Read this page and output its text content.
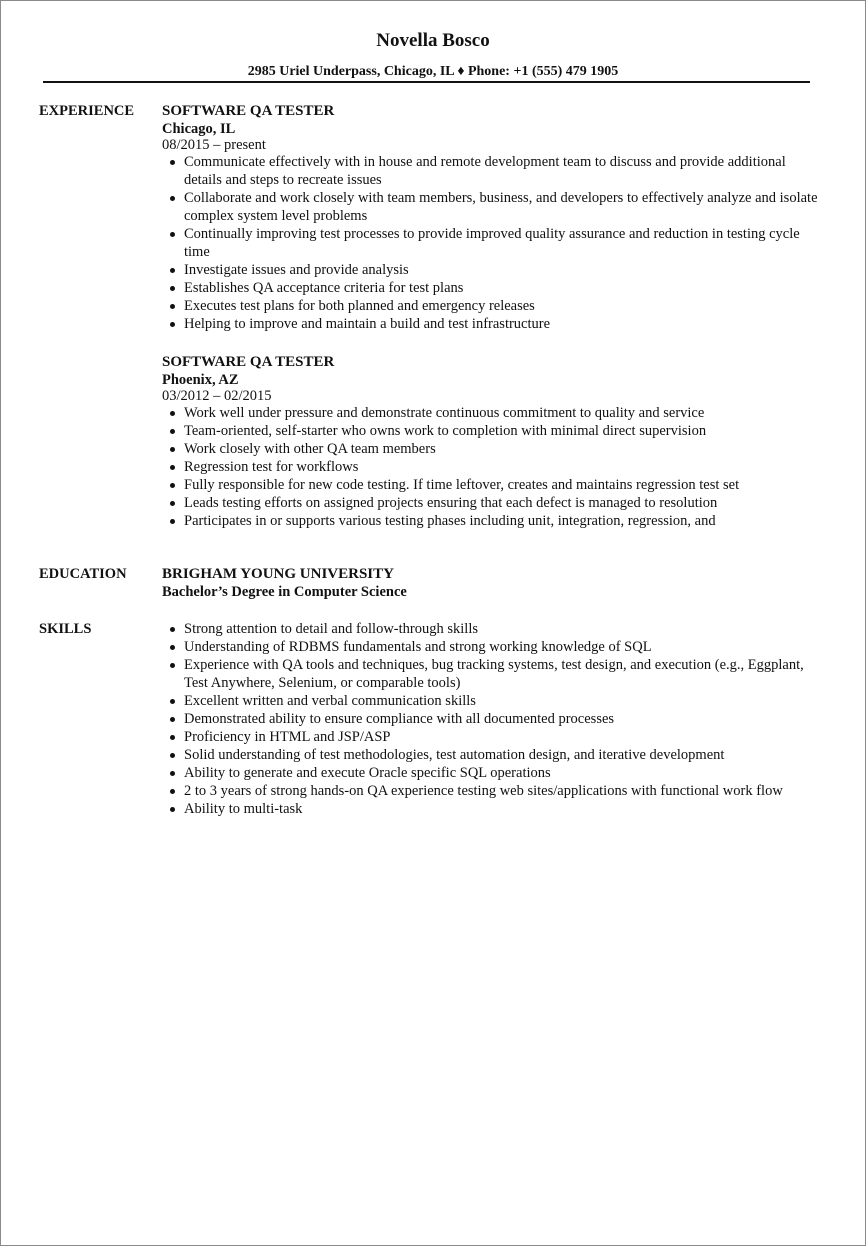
Novella Bosco
2985 Uriel Underpass, Chicago, IL ♦ Phone: +1 (555) 479 1905
EXPERIENCE SOFTWARE QA TESTER
Chicago, IL
08/2015 – present
Communicate effectively with in house and remote development team to discuss and provide additional details and steps to recreate issues
Collaborate and work closely with team members, business, and developers to effectively analyze and isolate complex system level problems
Continually improving test processes to provide improved quality assurance and reduction in testing cycle time
Investigate issues and provide analysis
Establishes QA acceptance criteria for test plans
Executes test plans for both planned and emergency releases
Helping to improve and maintain a build and test infrastructure
SOFTWARE QA TESTER
Phoenix, AZ
03/2012 – 02/2015
Work well under pressure and demonstrate continuous commitment to quality and service
Team-oriented, self-starter who owns work to completion with minimal direct supervision
Work closely with other QA team members
Regression test for workflows
Fully responsible for new code testing. If time leftover, creates and maintains regression test set
Leads testing efforts on assigned projects ensuring that each defect is managed to resolution
Participates in or supports various testing phases including unit, integration, regression, and
EDUCATION BRIGHAM YOUNG UNIVERSITY
Bachelor’s Degree in Computer Science
SKILLS	Strong attention to detail and follow-through skills
Understanding of RDBMS fundamentals and strong working knowledge of SQL
Experience with QA tools and techniques, bug tracking systems, test design, and execution (e.g., Eggplant, Test Anywhere, Selenium, or comparable tools)
Excellent written and verbal communication skills
Demonstrated ability to ensure compliance with all documented processes
Proficiency in HTML and JSP/ASP
Solid understanding of test methodologies, test automation design, and iterative development
Ability to generate and execute Oracle specific SQL operations
2 to 3 years of strong hands-on QA experience testing web sites/applications with functional work flow
Ability to multi-task
